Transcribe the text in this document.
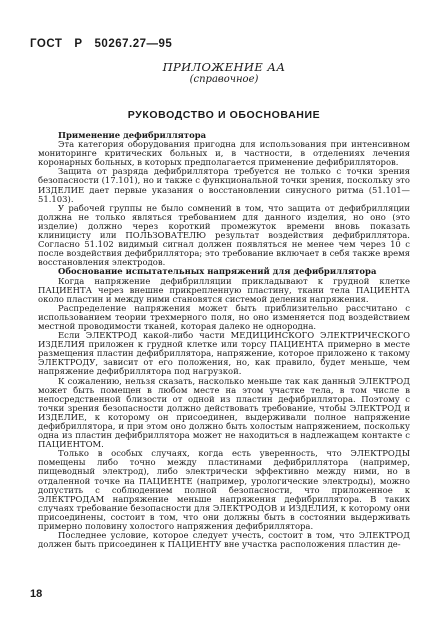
ГОСТ Р 50267.27—95
ПРИЛОЖЕНИЕ АА
(справочное)
РУКОВОДСТВО И ОБОСНОВАНИЕ

Применение дефибриллятора

Эта категория оборудования пригодна для использования при интенсивном мониторинге критических больных и, в частности, в отделениях лечения коронарных больных, в которых предполагается применение дефибрилляторов.

Защита от разряда дефибриллятора требуется не только с точки зрения безопасности (17.101), но и также с функциональной точки зрения, поскольку это ИЗДЕЛИЕ дает первые указания о восстановлении синусного ритма (51.101—51.103).

У рабочей группы не было сомнений в том, что защита от дефибрилляции должна не только являться требованием для данного изделия, но оно (это изделие) должно через короткий промежуток времени вновь показать клиницисту или ПОЛЬЗОВАТЕЛЮ результат воздействия дефибриллятора. Согласно 51.102 видимый сигнал должен появляться не менее чем через 10 с после воздействия дефибриллятора; это требование включает в себя также время восстановления электродов.

Обоснование испытательных напряжений для дефибриллятора

Когда напряжение дефибрилляции прикладывают к грудной клетке ПАЦИЕНТА через внешне прикрепленную пластину, ткани тела ПАЦИЕНТА около пластин и между ними становятся системой деления напряжения.

Распределение напряжения может быть приблизительно рассчитано с использованием теории трехмерного поля, но оно изменяется под воздействием местной проводимости тканей, которая далеко не однородна.

Если ЭЛЕКТРОД какой-либо части МЕДИЦИНСКОГО ЭЛЕКТРИЧЕСКОГО ИЗДЕЛИЯ приложен к грудной клетке или торсу ПАЦИЕНТА примерно в месте размещения пластин дефибриллятора, напряжение, которое приложено к такому ЭЛЕКТРОДУ, зависит от его положения, но, как правило, будет меньше, чем напряжение дефибриллятора под нагрузкой.

К сожалению, нельзя сказать, насколько меньше так как данный ЭЛЕКТРОД может быть помещен в любом месте на этом участке тела, в том числе в непосредственной близости от одной из пластин дефибриллятора. Поэтому с точки зрения безопасности должно действовать требование, чтобы ЭЛЕКТРОД и ИЗДЕЛИЕ, к которому он присоединен, выдерживали полное напряжение дефибриллятора, и при этом оно должно быть холостым напряжением, поскольку одна из пластин дефибриллятора может не находиться в надлежащем контакте с ПАЦИЕНТОМ.

Только в особых случаях, когда есть уверенность, что ЭЛЕКТРОДЫ помещены либо точно между пластинами дефибриллятора (например, пищеводный электрод), либо электрически эффективно между ними, но в отдаленной точке на ПАЦИЕНТЕ (например, урологические электроды), можно допустить с соблюдением полной безопасности, что приложенное к ЭЛЕКТРОДАМ напряжение меньше напряжения дефибриллятора. В таких случаях требование безопасности для ЭЛЕКТРОДОВ и ИЗДЕЛИЯ, к которому они присоединены, состоит в том, что они должны быть в состоянии выдерживать примерно половину холостого напряжения дефибриллятора.

Последнее условие, которое следует учесть, состоит в том, что ЭЛЕКТРОД должен быть присоединен к ПАЦИЕНТУ вне участка расположения пластин де-

18
